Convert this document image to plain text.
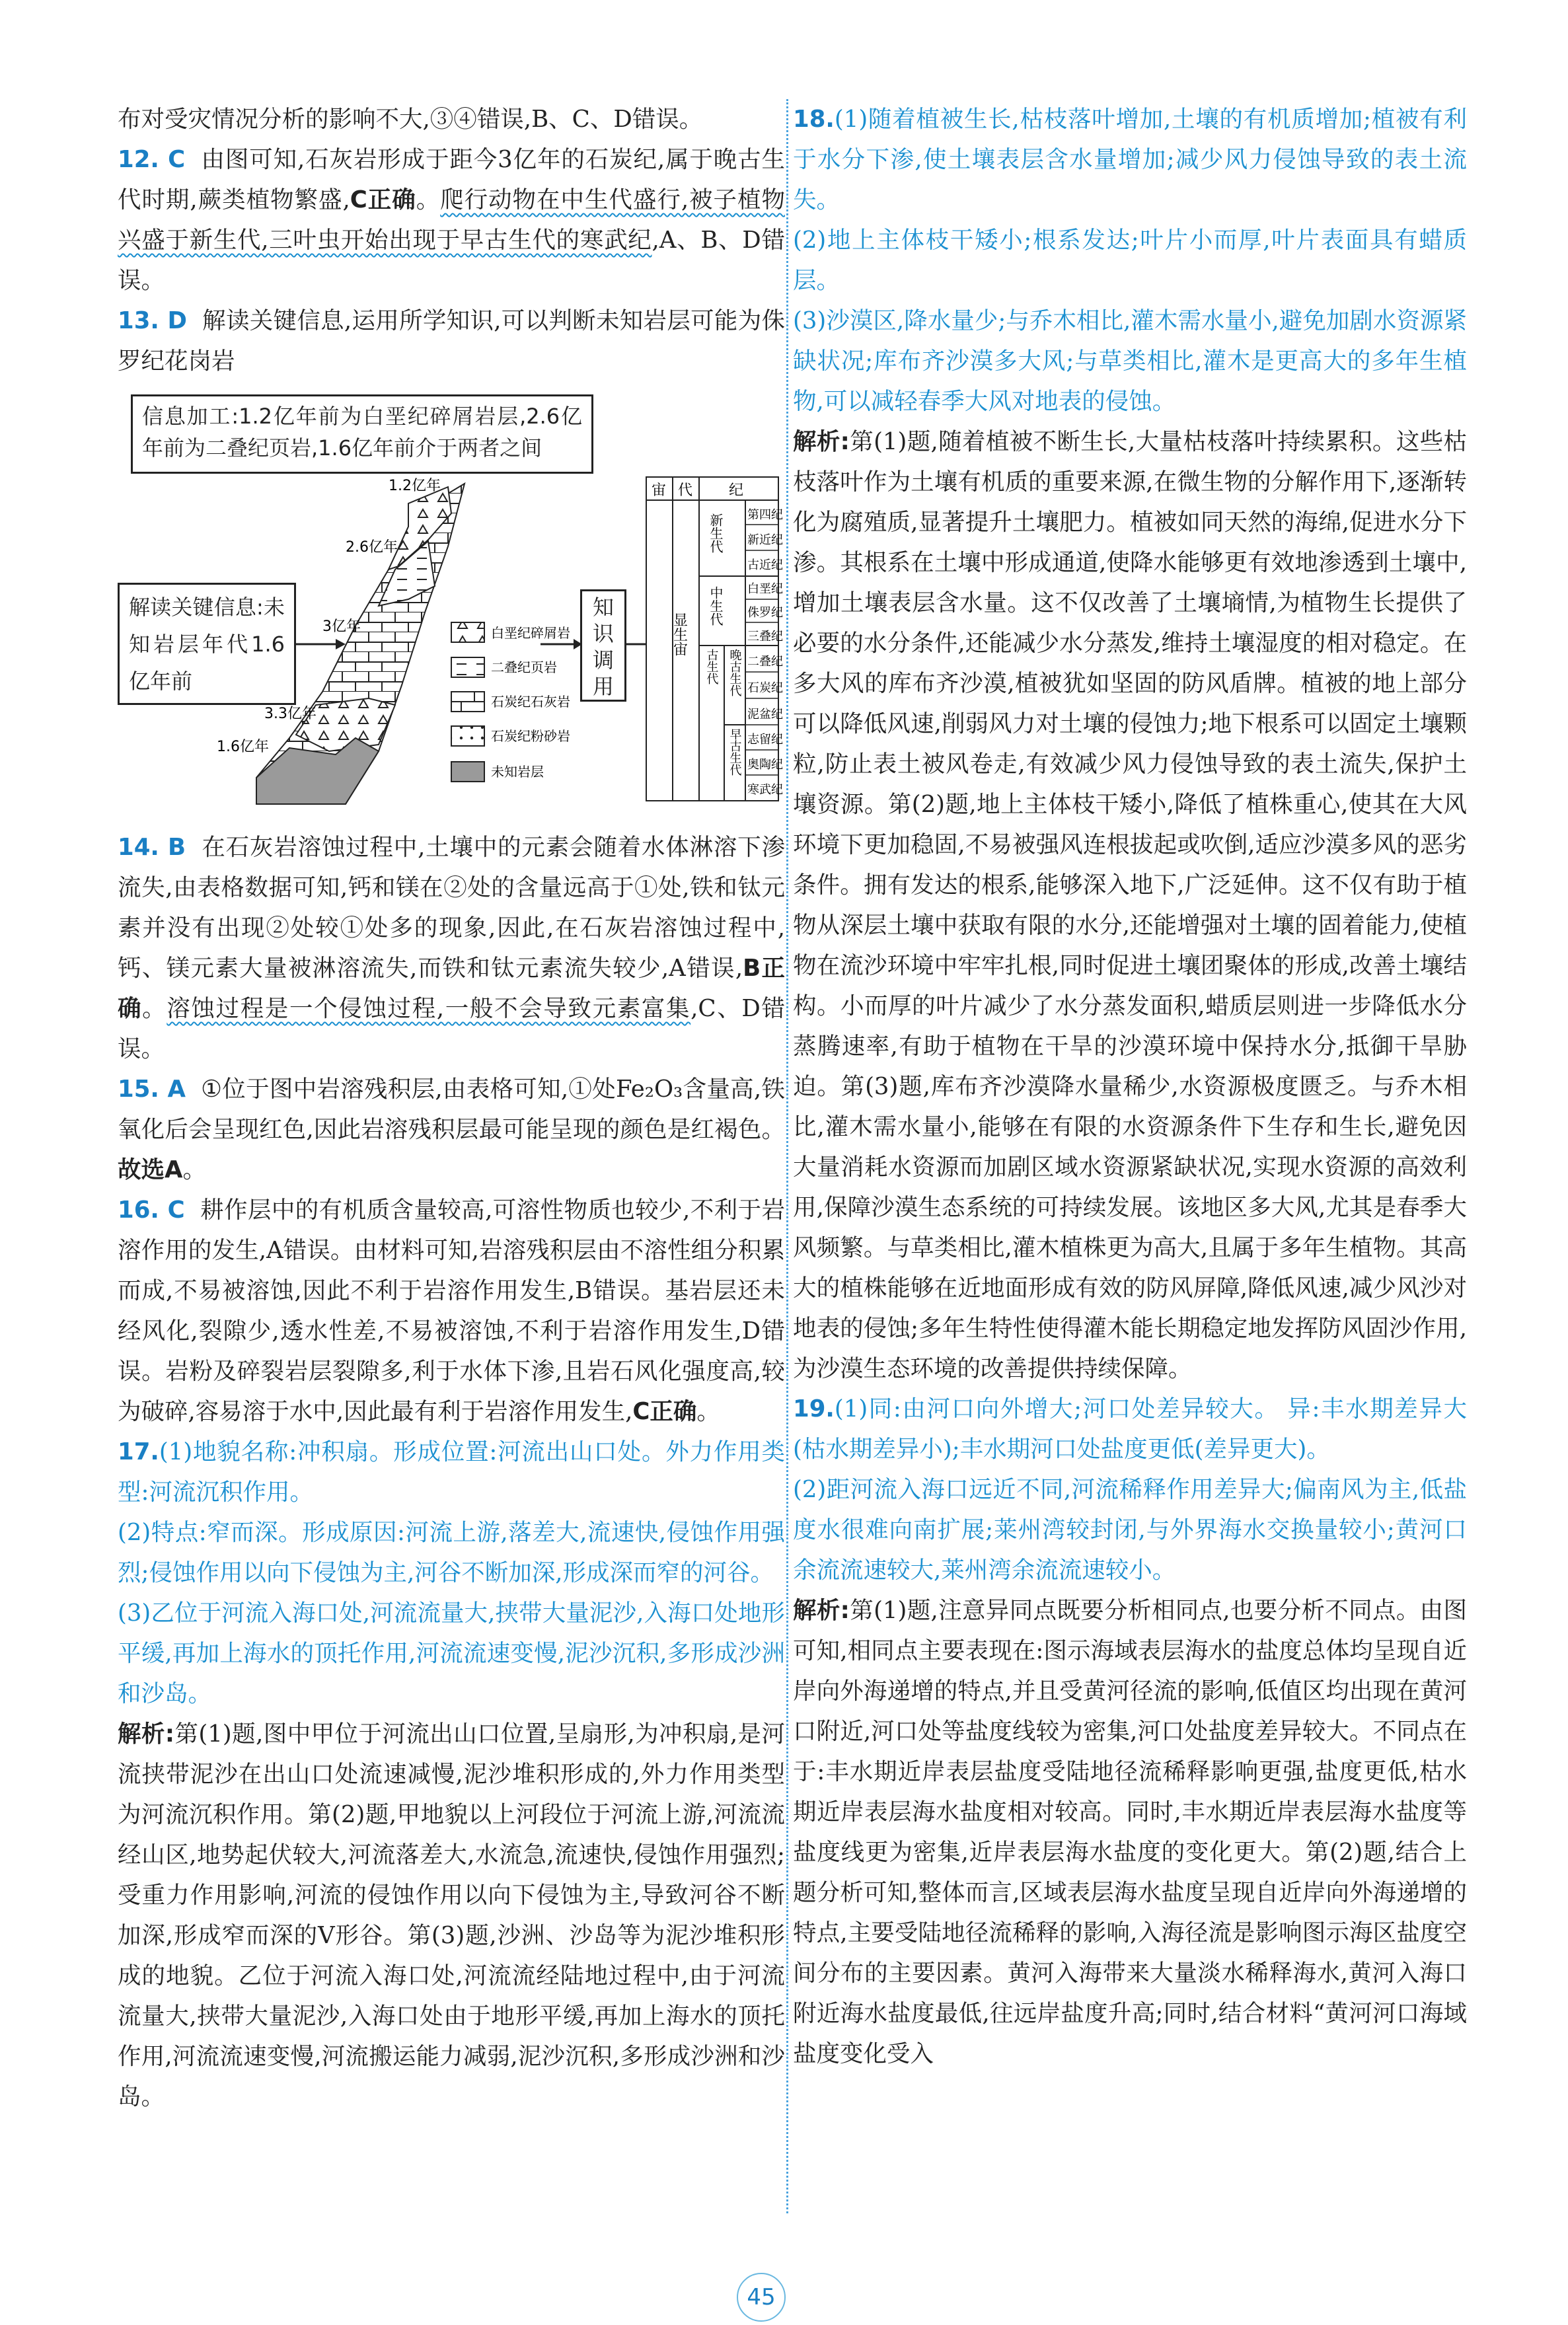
布对受灾情况分析的影响不大,③④错误,B、C、D错误。

12. C 由图可知,石灰岩形成于距今3亿年的石炭纪,属于晚古生代时期,蕨类植物繁盛,C正确。爬行动物在中生代盛行,被子植物兴盛于新生代,三叶虫开始出现于早古生代的寒武纪,A、B、D错误。

13. D 解读关键信息,运用所学知识,可以判断未知岩层可能为侏罗纪花岗岩

信息加工:1.2亿年前为白垩纪碎屑岩层,2.6亿年前为二叠纪页岩,1.6亿年前介于两者之间
解读关键信息:未知岩层年代1.6亿年前
知识调用
1.2亿年
2.6亿年
3亿年
3.3亿年
1.6亿年
白垩纪碎屑岩
二叠纪页岩
石炭纪石灰岩
石炭纪粉砂岩
未知岩层
宙 代 纪
显生宙
新生代
中生代
古生代 晚古生代
早古生代
第四纪
新近纪
古近纪
白垩纪
侏罗纪
三叠纪
二叠纪
石炭纪
泥盆纪
志留纪
奥陶纪
寒武纪

14. B 在石灰岩溶蚀过程中,土壤中的元素会随着水体淋溶下渗流失,由表格数据可知,钙和镁在②处的含量远高于①处,铁和钛元素并没有出现②处较①处多的现象,因此,在石灰岩溶蚀过程中,钙、镁元素大量被淋溶流失,而铁和钛元素流失较少,A错误,B正确。溶蚀过程是一个侵蚀过程,一般不会导致元素富集,C、D错误。

15. A ①位于图中岩溶残积层,由表格可知,①处Fe₂O₃含量高,铁氧化后会呈现红色,因此岩溶残积层最可能呈现的颜色是红褐色。故选A。

16. C 耕作层中的有机质含量较高,可溶性物质也较少,不利于岩溶作用的发生,A错误。由材料可知,岩溶残积层由不溶性组分积累而成,不易被溶蚀,因此不利于岩溶作用发生,B错误。基岩层还未经风化,裂隙少,透水性差,不易被溶蚀,不利于岩溶作用发生,D错误。岩粉及碎裂岩层裂隙多,利于水体下渗,且岩石风化强度高,较为破碎,容易溶于水中,因此最有利于岩溶作用发生,C正确。

17.(1)地貌名称:冲积扇。形成位置:河流出山口处。外力作用类型:河流沉积作用。

(2)特点:窄而深。形成原因:河流上游,落差大,流速快,侵蚀作用强烈;侵蚀作用以向下侵蚀为主,河谷不断加深,形成深而窄的河谷。

(3)乙位于河流入海口处,河流流量大,挟带大量泥沙,入海口处地形平缓,再加上海水的顶托作用,河流流速变慢,泥沙沉积,多形成沙洲和沙岛。

解析:第(1)题,图中甲位于河流出山口位置,呈扇形,为冲积扇,是河流挟带泥沙在出山口处流速减慢,泥沙堆积形成的,外力作用类型为河流沉积作用。第(2)题,甲地貌以上河段位于河流上游,河流流经山区,地势起伏较大,河流落差大,水流急,流速快,侵蚀作用强烈;受重力作用影响,河流的侵蚀作用以向下侵蚀为主,导致河谷不断加深,形成窄而深的V形谷。第(3)题,沙洲、沙岛等为泥沙堆积形成的地貌。乙位于河流入海口处,河流流经陆地过程中,由于河流流量大,挟带大量泥沙,入海口处由于地形平缓,再加上海水的顶托作用,河流流速变慢,河流搬运能力减弱,泥沙沉积,多形成沙洲和沙岛。

18.(1)随着植被生长,枯枝落叶增加,土壤的有机质增加;植被有利于水分下渗,使土壤表层含水量增加;减少风力侵蚀导致的表土流失。

(2)地上主体枝干矮小;根系发达;叶片小而厚,叶片表面具有蜡质层。

(3)沙漠区,降水量少;与乔木相比,灌木需水量小,避免加剧水资源紧缺状况;库布齐沙漠多大风;与草类相比,灌木是更高大的多年生植物,可以减轻春季大风对地表的侵蚀。

解析:第(1)题,随着植被不断生长,大量枯枝落叶持续累积。这些枯枝落叶作为土壤有机质的重要来源,在微生物的分解作用下,逐渐转化为腐殖质,显著提升土壤肥力。植被如同天然的海绵,促进水分下渗。其根系在土壤中形成通道,使降水能够更有效地渗透到土壤中,增加土壤表层含水量。这不仅改善了土壤墒情,为植物生长提供了必要的水分条件,还能减少水分蒸发,维持土壤湿度的相对稳定。在多大风的库布齐沙漠,植被犹如坚固的防风盾牌。植被的地上部分可以降低风速,削弱风力对土壤的侵蚀力;地下根系可以固定土壤颗粒,防止表土被风卷走,有效减少风力侵蚀导致的表土流失,保护土壤资源。第(2)题,地上主体枝干矮小,降低了植株重心,使其在大风环境下更加稳固,不易被强风连根拔起或吹倒,适应沙漠多风的恶劣条件。拥有发达的根系,能够深入地下,广泛延伸。这不仅有助于植物从深层土壤中获取有限的水分,还能增强对土壤的固着能力,使植物在流沙环境中牢牢扎根,同时促进土壤团聚体的形成,改善土壤结构。小而厚的叶片减少了水分蒸发面积,蜡质层则进一步降低水分蒸腾速率,有助于植物在干旱的沙漠环境中保持水分,抵御干旱胁迫。第(3)题,库布齐沙漠降水量稀少,水资源极度匮乏。与乔木相比,灌木需水量小,能够在有限的水资源条件下生存和生长,避免因大量消耗水资源而加剧区域水资源紧缺状况,实现水资源的高效利用,保障沙漠生态系统的可持续发展。该地区多大风,尤其是春季大风频繁。与草类相比,灌木植株更为高大,且属于多年生植物。其高大的植株能够在近地面形成有效的防风屏障,降低风速,减少风沙对地表的侵蚀;多年生特性使得灌木能长期稳定地发挥防风固沙作用,为沙漠生态环境的改善提供持续保障。

19.(1)同:由河口向外增大;河口处差异较大。 异:丰水期差异大(枯水期差异小);丰水期河口处盐度更低(差异更大)。

(2)距河流入海口远近不同,河流稀释作用差异大;偏南风为主,低盐度水很难向南扩展;莱州湾较封闭,与外界海水交换量较小;黄河口余流流速较大,莱州湾余流流速较小。

解析:第(1)题,注意异同点既要分析相同点,也要分析不同点。由图可知,相同点主要表现在:图示海域表层海水的盐度总体均呈现自近岸向外海递增的特点,并且受黄河径流的影响,低值区均出现在黄河口附近,河口处等盐度线较为密集,河口处盐度差异较大。不同点在于:丰水期近岸表层盐度受陆地径流稀释影响更强,盐度更低,枯水期近岸表层海水盐度相对较高。同时,丰水期近岸表层海水盐度等盐度线更为密集,近岸表层海水盐度的变化更大。第(2)题,结合上题分析可知,整体而言,区域表层海水盐度呈现自近岸向外海递增的特点,主要受陆地径流稀释的影响,入海径流是影响图示海区盐度空间分布的主要因素。黄河入海带来大量淡水稀释海水,黄河入海口附近海水盐度最低,往远岸盐度升高;同时,结合材料“黄河河口海域盐度变化受入

45
